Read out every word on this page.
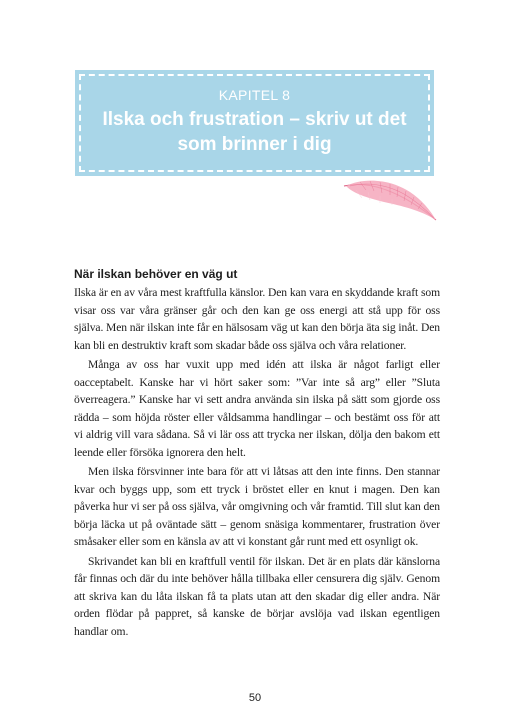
KAPITEL 8
Ilska och frustration – skriv ut det
som brinner i dig
När ilskan behöver en väg ut

Ilska är en av våra mest kraftfulla känslor. Den kan vara en skyddande kraft som visar oss var våra gränser går och den kan ge oss energi att stå upp för oss själva. Men när ilskan inte får en hälsosam väg ut kan den börja äta sig inåt. Den kan bli en destruktiv kraft som skadar både oss själva och våra relationer.

Många av oss har vuxit upp med idén att ilska är något farligt eller oacceptabelt. Kanske har vi hört saker som: ”Var inte så arg” eller ”Sluta överreagera.” Kanske har vi sett andra använda sin ilska på sätt som gjorde oss rädda – som höjda röster eller våldsamma handlingar – och bestämt oss för att vi aldrig vill vara sådana. Så vi lär oss att trycka ner ilskan, dölja den bakom ett leende eller försöka ignorera den helt.

Men ilska försvinner inte bara för att vi låtsas att den inte finns. Den stannar kvar och byggs upp, som ett tryck i bröstet eller en knut i magen. Den kan påverka hur vi ser på oss själva, vår omgivning och vår framtid. Till slut kan den börja läcka ut på oväntade sätt – genom snäsiga kommentarer, frustration över småsaker eller som en känsla av att vi konstant går runt med ett osynligt ok.

Skrivandet kan bli en kraftfull ventil för ilskan. Det är en plats där känslorna får finnas och där du inte behöver hålla tillbaka eller censurera dig själv. Genom att skriva kan du låta ilskan få ta plats utan att den skadar dig eller andra. När orden flödar på pappret, så kanske de börjar avslöja vad ilskan egentligen handlar om.

50
